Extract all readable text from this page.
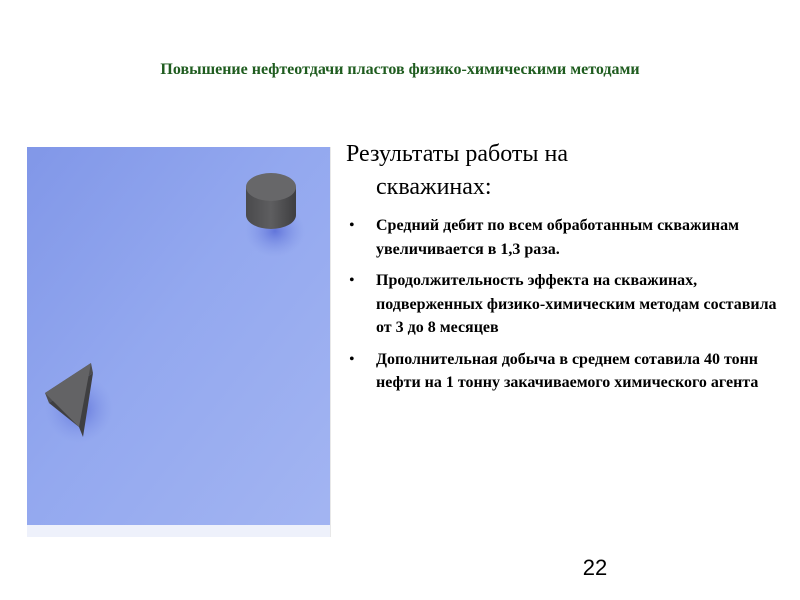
Повышение нефтеотдачи пластов физико-химическими методами
Результаты работы на
скважинах:
• Средний дебит по всем обработанным скважинам увеличивается в 1,3 раза.
• Продолжительность эффекта на скважинах, подверженных физико-химическим методам составила от 3 до 8 месяцев
• Дополнительная добыча в среднем сотавила 40 тонн нефти на 1 тонну закачиваемого химического агента
22
